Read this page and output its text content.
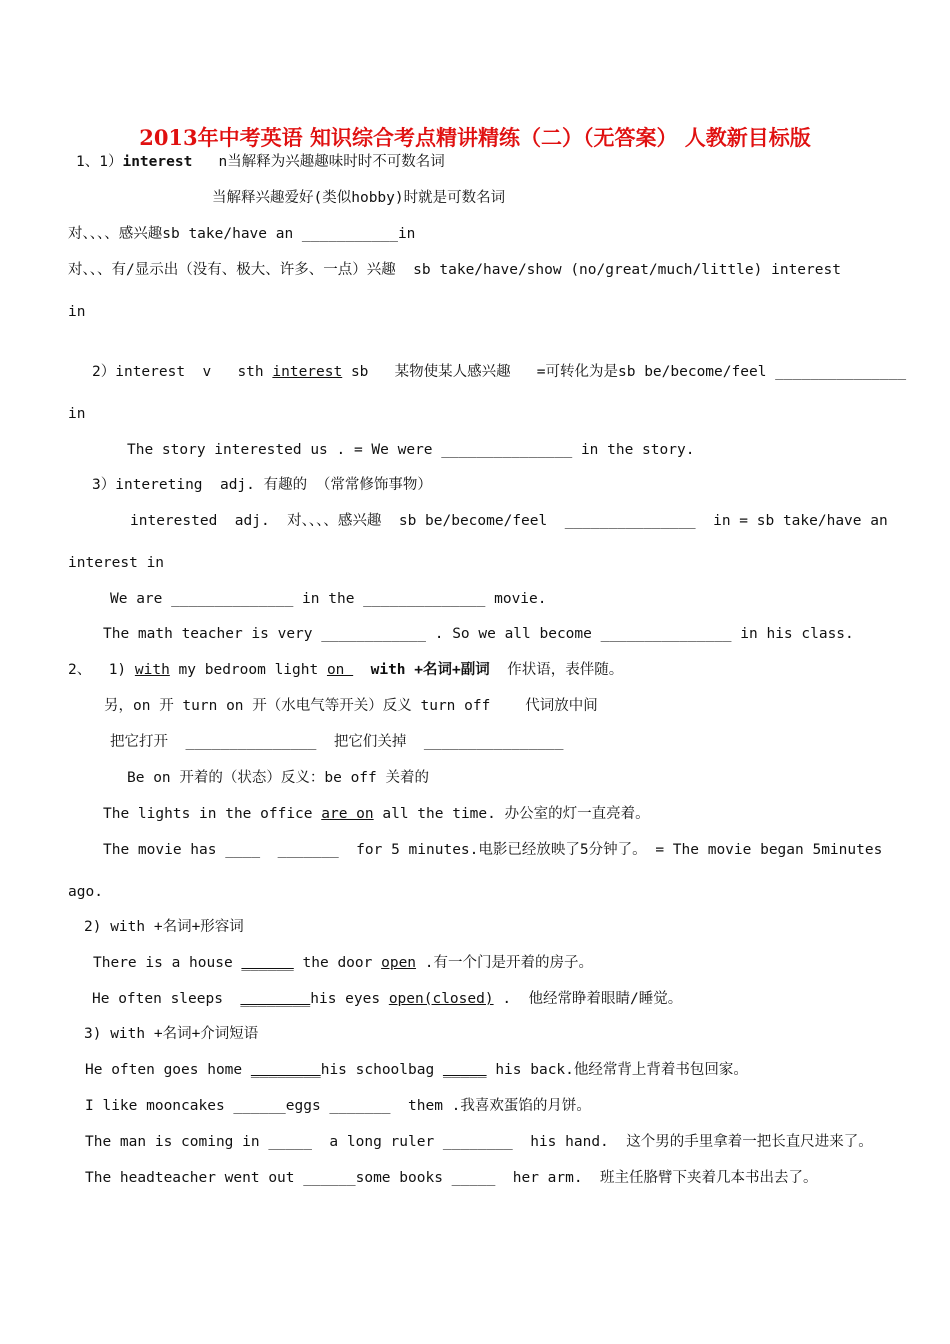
2013年中考英语 知识综合考点精讲精练（二）（无答案） 人教新目标版
1、1）interest   n当解释为兴趣趣味时时不可数名词
当解释兴趣爱好(类似hobby)时就是可数名词
对、、、、感兴趣sb take/have an ___________in
对、、、有/显示出（没有、极大、许多、一点）兴趣  sb take/have/show (no/great/much/little) interest
in
2）interest  v   sth interest sb   某物使某人感兴趣   =可转化为是sb be/become/feel _______________
in
The story interested us . = We were _______________ in the story.
3）intereting  adj. 有趣的 （常常修饰事物）
interested  adj.  对、、、、感兴趣  sb be/become/feel  _______________  in = sb take/have an
interest in
We are ______________ in the ______________ movie.
The math teacher is very ____________ . So we all become _______________ in his class.
2、  1) with my bedroom light on   with +名词+副词  作状语，表伴随。
另，on 开 turn on 开（水电气等开关）反义 turn off    代词放中间
把它打开  _______________  把它们关掉  ________________
Be on 开着的（状态）反义：be off 关着的
The lights in the office are on all the time. 办公室的灯一直亮着。
The movie has ____  _______  for 5 minutes.电影已经放映了5分钟了。 = The movie began 5minutes
ago.
2) with +名词+形容词
There is a house ______ the door open .有一个门是开着的房子。
He often sleeps  ________his eyes open(closed) .  他经常睁着眼睛/睡觉。
3) with +名词+介词短语
He often goes home ________his schoolbag _____ his back.他经常背上背着书包回家。
I like mooncakes ______eggs _______  them .我喜欢蛋馅的月饼。
The man is coming in _____  a long ruler ________  his hand.  这个男的手里拿着一把长直尺进来了。
The headteacher went out ______some books _____  her arm.  班主任胳臂下夹着几本书出去了。
